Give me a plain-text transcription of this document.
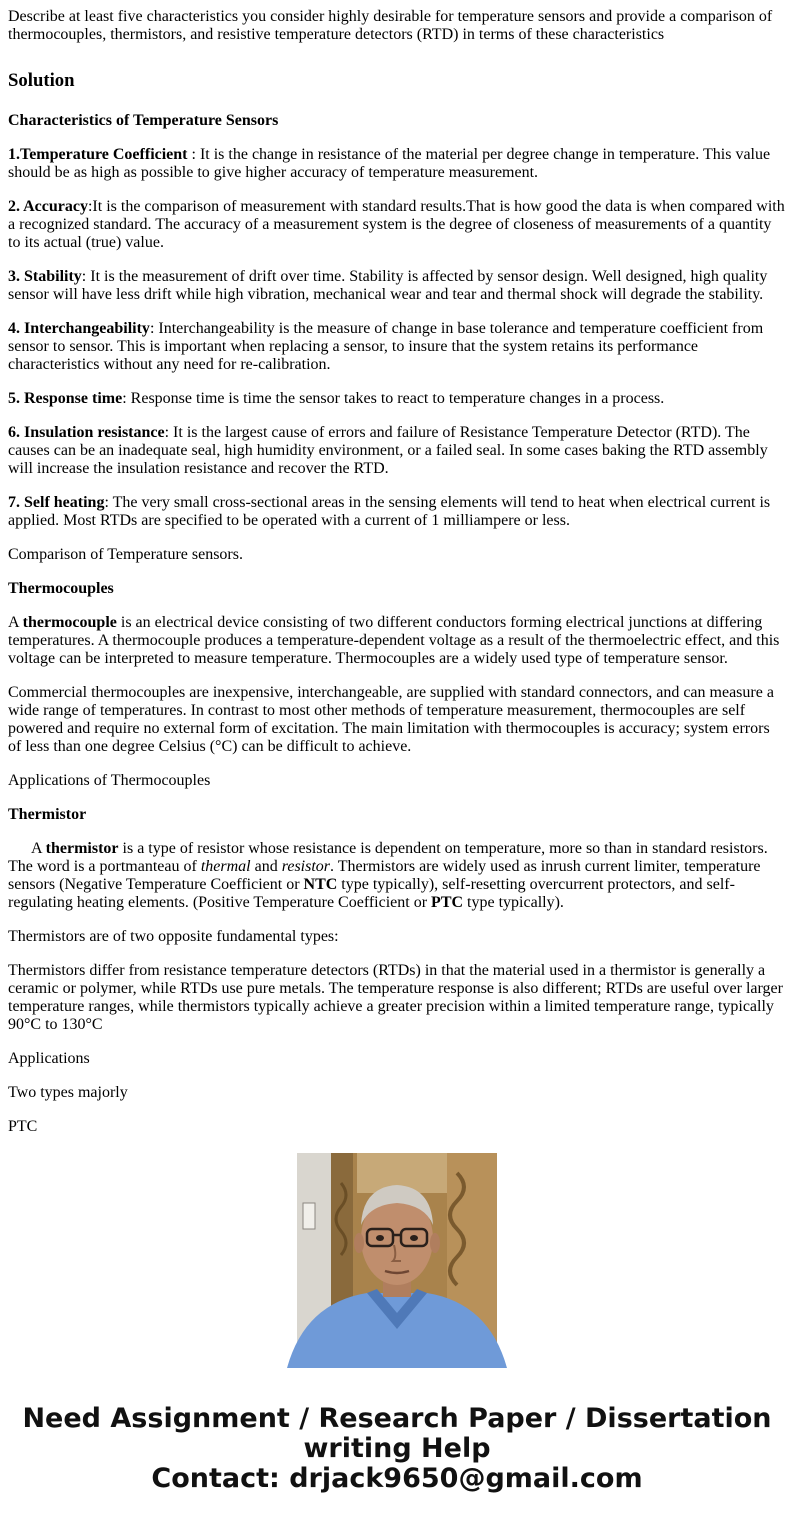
Describe at least five characteristics you consider highly desirable for temperature sensors and provide a comparison of thermocouples, thermistors, and resistive temperature detectors (RTD) in terms of these characteristics

Solution

Characteristics of Temperature Sensors

1.Temperature Coefficient : It is the change in resistance of the material per degree change in temperature. This value should be as high as possible to give higher accuracy of temperature measurement.

2. Accuracy:It is the comparison of measurement with standard results.That is how good the data is when compared with a recognized standard. The accuracy of a measurement system is the degree of closeness of measurements of a quantity to its actual (true) value.

3. Stability: It is the measurement of drift over time. Stability is affected by sensor design. Well designed, high quality sensor will have less drift while high vibration, mechanical wear and tear and thermal shock will degrade the stability.

4. Interchangeability: Interchangeability is the measure of change in base tolerance and temperature coefficient from sensor to sensor. This is important when replacing a sensor, to insure that the system retains its performance characteristics without any need for re-calibration.

5. Response time: Response time is time the sensor takes to react to temperature changes in a process.

6. Insulation resistance: It is the largest cause of errors and failure of Resistance Temperature Detector (RTD). The causes can be an inadequate seal, high humidity environment, or a failed seal. In some cases baking the RTD assembly will increase the insulation resistance and recover the RTD.

7. Self heating: The very small cross-sectional areas in the sensing elements will tend to heat when electrical current is applied. Most RTDs are specified to be operated with a current of 1 milliampere or less.

Comparison of Temperature sensors.

Thermocouples

A thermocouple is an electrical device consisting of two different conductors forming electrical junctions at differing temperatures. A thermocouple produces a temperature-dependent voltage as a result of the thermoelectric effect, and this voltage can be interpreted to measure temperature. Thermocouples are a widely used type of temperature sensor.

Commercial thermocouples are inexpensive, interchangeable, are supplied with standard connectors, and can measure a wide range of temperatures. In contrast to most other methods of temperature measurement, thermocouples are self powered and require no external form of excitation. The main limitation with thermocouples is accuracy; system errors of less than one degree Celsius (°C) can be difficult to achieve.

Applications of Thermocouples

Thermistor

A thermistor is a type of resistor whose resistance is dependent on temperature, more so than in standard resistors. The word is a portmanteau of thermal and resistor. Thermistors are widely used as inrush current limiter, temperature sensors (Negative Temperature Coefficient or NTC type typically), self-resetting overcurrent protectors, and self-regulating heating elements. (Positive Temperature Coefficient or PTC type typically).

Thermistors are of two opposite fundamental types:

Thermistors differ from resistance temperature detectors (RTDs) in that the material used in a thermistor is generally a ceramic or polymer, while RTDs use pure metals. The temperature response is also different; RTDs are useful over larger temperature ranges, while thermistors typically achieve a greater precision within a limited temperature range, typically 90°C to 130°C

Applications

Two types majorly

PTC

Need Assignment / Research Paper / Dissertation
writing Help
Contact: drjack9650@gmail.com
